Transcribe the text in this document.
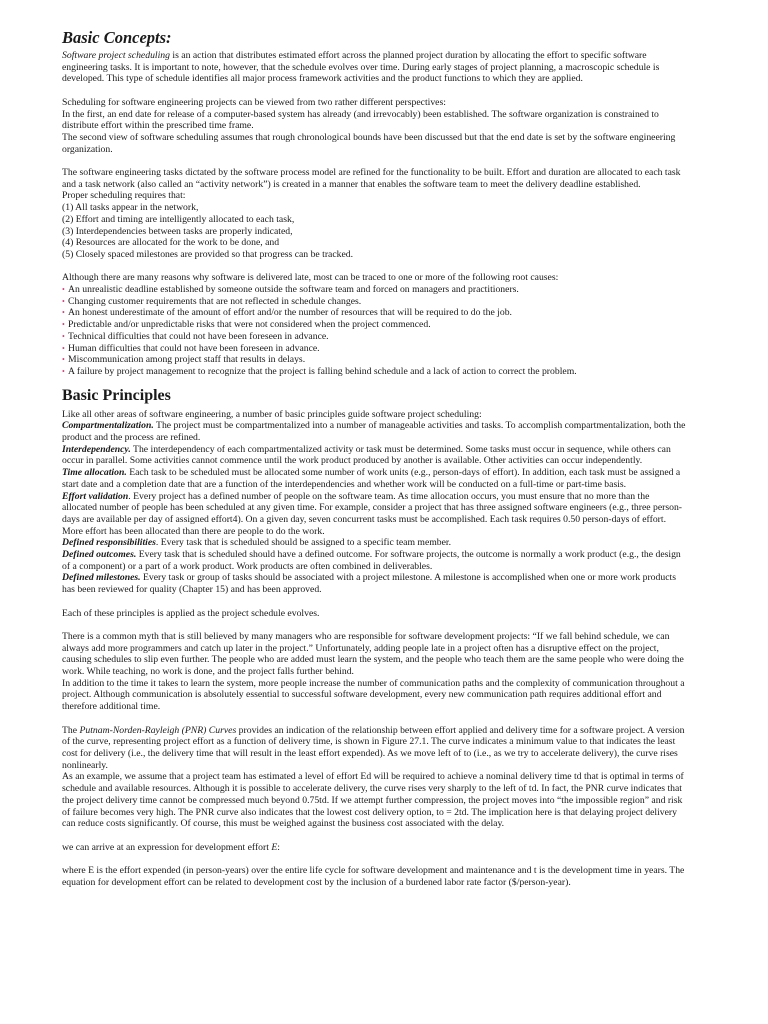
Basic Concepts:

Software project scheduling is an action that distributes estimated effort across the planned project duration by allocating the effort to specific software engineering tasks. It is important to note, however, that the schedule evolves over time. During early stages of project planning, a macroscopic schedule is developed. This type of schedule identifies all major process framework activities and the product functions to which they are applied.

Scheduling for software engineering projects can be viewed from two rather different perspectives:

In the first, an end date for release of a computer-based system has already (and irrevocably) been established. The software organization is constrained to distribute effort within the prescribed time frame.

The second view of software scheduling assumes that rough chronological bounds have been discussed but that the end date is set by the software engineering organization.

The software engineering tasks dictated by the software process model are refined for the functionality to be built. Effort and duration are allocated to each task and a task network (also called an “activity network”) is created in a manner that enables the software team to meet the delivery deadline established.

Proper scheduling requires that:

(1) All tasks appear in the network,
(2) Effort and timing are intelligently allocated to each task,
(3) Interdependencies between tasks are properly indicated,
(4) Resources are allocated for the work to be done, and
(5) Closely spaced milestones are provided so that progress can be tracked.

Although there are many reasons why software is delivered late, most can be traced to one or more of the following root causes:

• An unrealistic deadline established by someone outside the software team and forced on managers and practitioners.
• Changing customer requirements that are not reflected in schedule changes.
• An honest underestimate of the amount of effort and/or the number of resources that will be required to do the job.
• Predictable and/or unpredictable risks that were not considered when the project commenced.
• Technical difficulties that could not have been foreseen in advance.
• Human difficulties that could not have been foreseen in advance.
• Miscommunication among project staff that results in delays.
• A failure by project management to recognize that the project is falling behind schedule and a lack of action to correct the problem.
Basic Principles

Like all other areas of software engineering, a number of basic principles guide software project scheduling:

Compartmentalization. The project must be compartmentalized into a number of manageable activities and tasks. To accomplish compartmentalization, both the product and the process are refined.

Interdependency. The interdependency of each compartmentalized activity or task must be determined. Some tasks must occur in sequence, while others can occur in parallel. Some activities cannot commence until the work product produced by another is available. Other activities can occur independently.

Time allocation. Each task to be scheduled must be allocated some number of work units (e.g., person-days of effort). In addition, each task must be assigned a start date and a completion date that are a function of the interdependencies and whether work will be conducted on a full-time or part-time basis.

Effort validation. Every project has a defined number of people on the software team. As time allocation occurs, you must ensure that no more than the allocated number of people has been scheduled at any given time. For example, consider a project that has three assigned software engineers (e.g., three person-days are available per day of assigned effort4). On a given day, seven concurrent tasks must be accomplished. Each task requires 0.50 person-days of effort. More effort has been allocated than there are people to do the work.

Defined responsibilities. Every task that is scheduled should be assigned to a specific team member.

Defined outcomes. Every task that is scheduled should have a defined outcome. For software projects, the outcome is normally a work product (e.g., the design of a component) or a part of a work product. Work products are often combined in deliverables.

Defined milestones. Every task or group of tasks should be associated with a project milestone. A milestone is accomplished when one or more work products has been reviewed for quality (Chapter 15) and has been approved.

Each of these principles is applied as the project schedule evolves.

There is a common myth that is still believed by many managers who are responsible for software development projects: “If we fall behind schedule, we can always add more programmers and catch up later in the project.” Unfortunately, adding people late in a project often has a disruptive effect on the project, causing schedules to slip even further. The people who are added must learn the system, and the people who teach them are the same people who were doing the work. While teaching, no work is done, and the project falls further behind.

In addition to the time it takes to learn the system, more people increase the number of communication paths and the complexity of communication throughout a project. Although communication is absolutely essential to successful software development, every new communication path requires additional effort and therefore additional time.

The Putnam-Norden-Rayleigh (PNR) Curves provides an indication of the relationship between effort applied and delivery time for a software project. A version of the curve, representing project effort as a function of delivery time, is shown in Figure 27.1. The curve indicates a minimum value to that indicates the least cost for delivery (i.e., the delivery time that will result in the least effort expended). As we move left of to (i.e., as we try to accelerate delivery), the curve rises nonlinearly.

As an example, we assume that a project team has estimated a level of effort Ed will be required to achieve a nominal delivery time td that is optimal in terms of schedule and available resources. Although it is possible to accelerate delivery, the curve rises very sharply to the left of td. In fact, the PNR curve indicates that the project delivery time cannot be compressed much beyond 0.75td. If we attempt further compression, the project moves into “the impossible region” and risk of failure becomes very high. The PNR curve also indicates that the lowest cost delivery option, to = 2td. The implication here is that delaying project delivery can reduce costs significantly. Of course, this must be weighed against the business cost associated with the delay.

we can arrive at an expression for development effort E:

where E is the effort expended (in person-years) over the entire life cycle for software development and maintenance and t is the development time in years. The equation for development effort can be related to development cost by the inclusion of a burdened labor rate factor ($/person-year).
